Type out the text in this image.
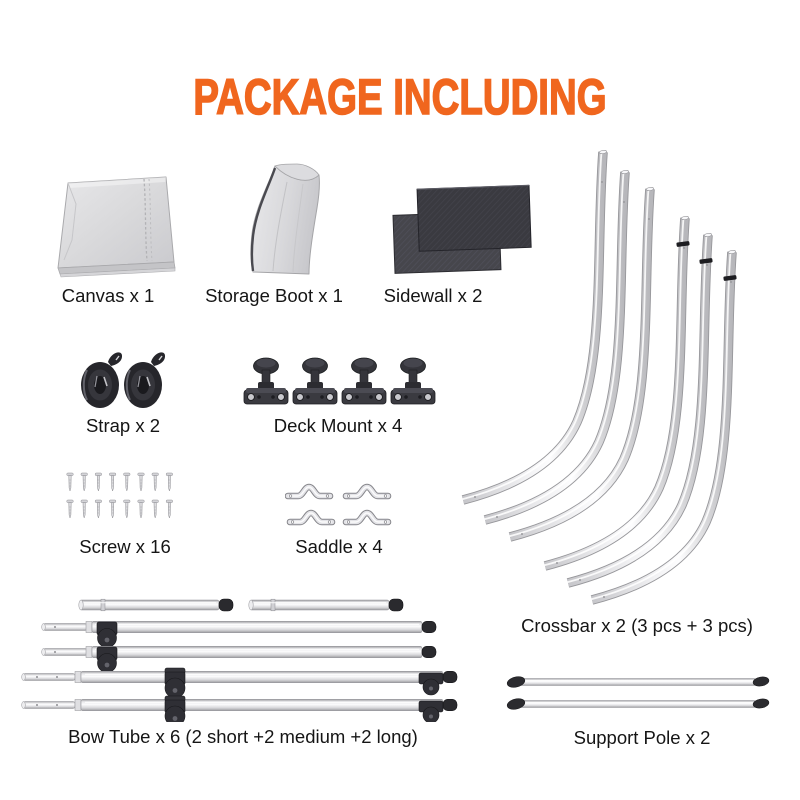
PACKAGE INCLUDING
Canvas x 1	Storage Boot x 1	Sidewall x 2
Strap x 2	Deck Mount x 4
Screw x 16	Saddle x 4
Crossbar x 2 (3 pcs + 3 pcs)
Bow Tube x 6 (2 short +2 medium +2 long)	Support Pole x 2
